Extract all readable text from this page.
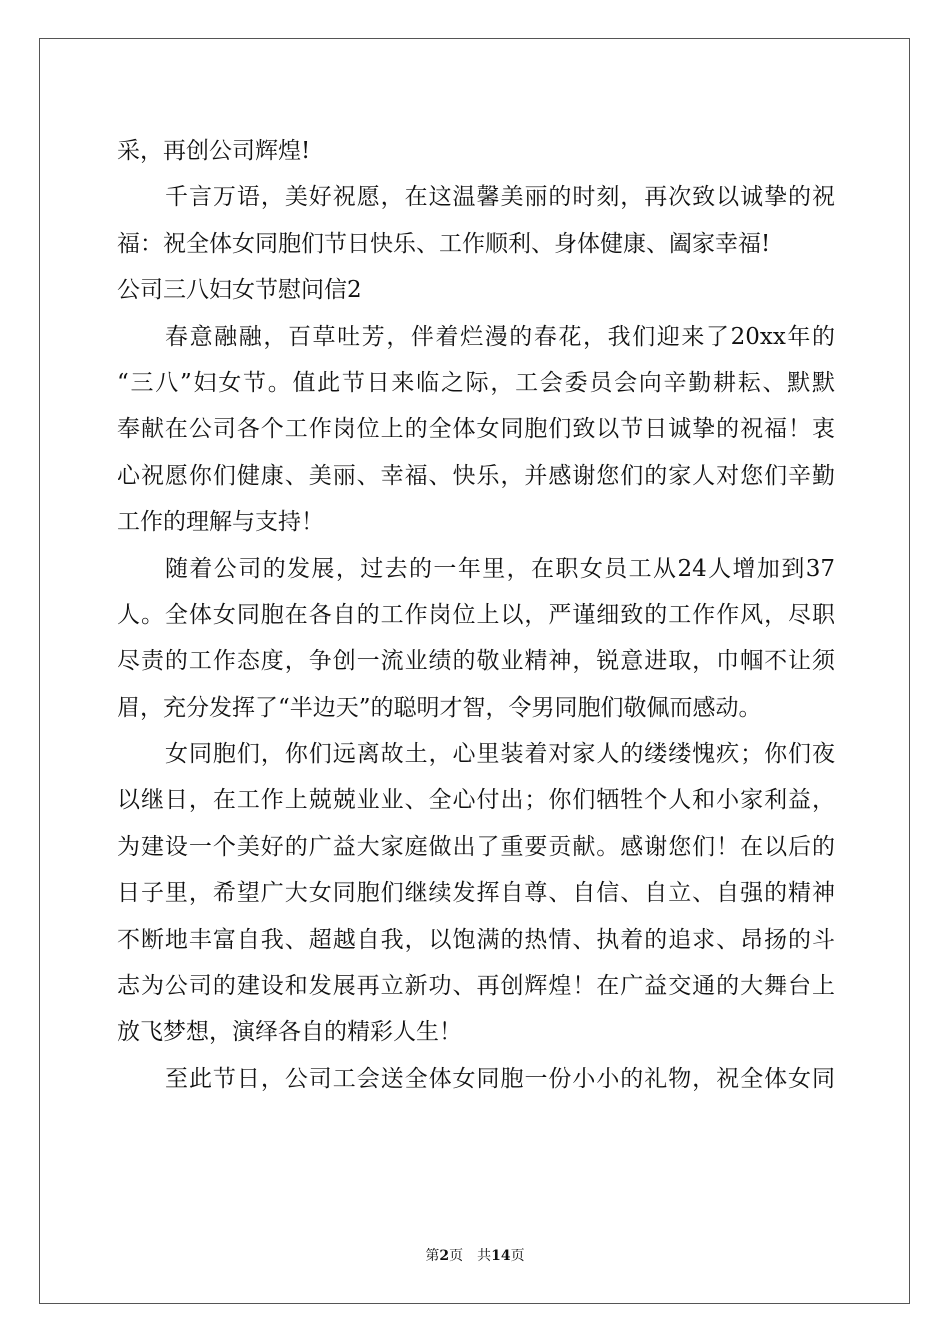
采，再创公司辉煌!
千言万语，美好祝愿，在这温馨美丽的时刻，再次致以诚挚的祝
福：祝全体女同胞们节日快乐、工作顺利、身体健康、阖家幸福!
公司三八妇女节慰问信2
春意融融，百草吐芳，伴着烂漫的春花，我们迎来了20xx年的
“三八”妇女节。值此节日来临之际，工会委员会向辛勤耕耘、默默
奉献在公司各个工作岗位上的全体女同胞们致以节日诚挚的祝福！衷
心祝愿你们健康、美丽、幸福、快乐，并感谢您们的家人对您们辛勤
工作的理解与支持！
随着公司的发展，过去的一年里，在职女员工从24人增加到37
人。全体女同胞在各自的工作岗位上以，严谨细致的工作作风，尽职
尽责的工作态度，争创一流业绩的敬业精神，锐意进取，巾帼不让须
眉，充分发挥了“半边天”的聪明才智，令男同胞们敬佩而感动。
女同胞们，你们远离故土，心里装着对家人的缕缕愧疚；你们夜
以继日，在工作上兢兢业业、全心付出；你们牺牲个人和小家利益，
为建设一个美好的广益大家庭做出了重要贡献。感谢您们！在以后的
日子里，希望广大女同胞们继续发挥自尊、自信、自立、自强的精神
不断地丰富自我、超越自我，以饱满的热情、执着的追求、昂扬的斗
志为公司的建设和发展再立新功、再创辉煌！在广益交通的大舞台上
放飞梦想，演绎各自的精彩人生！
至此节日，公司工会送全体女同胞一份小小的礼物，祝全体女同
第2页 共14页
